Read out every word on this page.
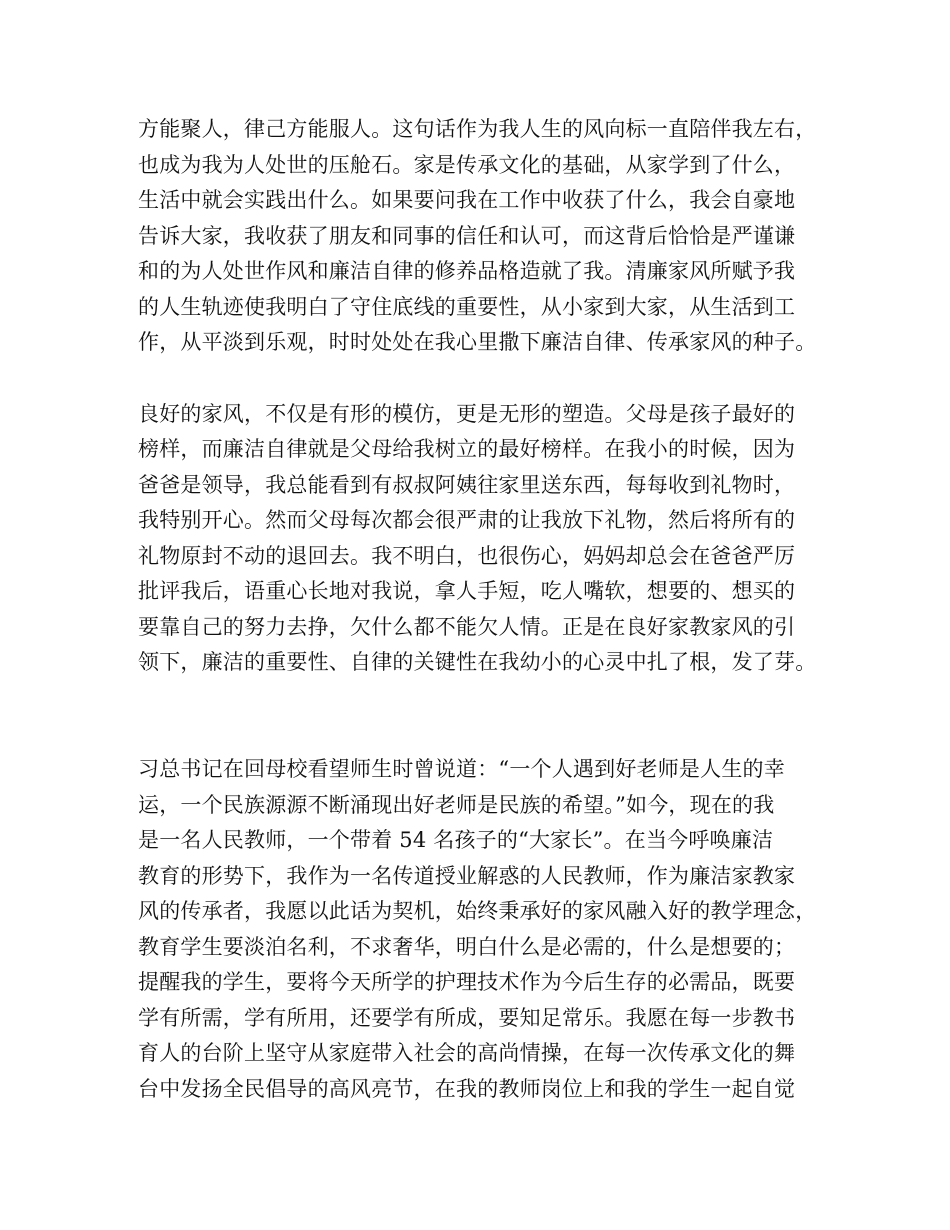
方能聚人，律己方能服人。这句话作为我人生的风向标一直陪伴我左右，
也成为我为人处世的压舱石。家是传承文化的基础，从家学到了什么，
生活中就会实践出什么。如果要问我在工作中收获了什么，我会自豪地
告诉大家，我收获了朋友和同事的信任和认可，而这背后恰恰是严谨谦
和的为人处世作风和廉洁自律的修养品格造就了我。清廉家风所赋予我
的人生轨迹使我明白了守住底线的重要性，从小家到大家，从生活到工
作，从平淡到乐观，时时处处在我心里撒下廉洁自律、传承家风的种子。

良好的家风，不仅是有形的模仿，更是无形的塑造。父母是孩子最好的
榜样，而廉洁自律就是父母给我树立的最好榜样。在我小的时候，因为
爸爸是领导，我总能看到有叔叔阿姨往家里送东西，每每收到礼物时，
我特别开心。然而父母每次都会很严肃的让我放下礼物，然后将所有的
礼物原封不动的退回去。我不明白，也很伤心，妈妈却总会在爸爸严厉
批评我后，语重心长地对我说，拿人手短，吃人嘴软，想要的、想买的
要靠自己的努力去挣，欠什么都不能欠人情。正是在良好家教家风的引
领下，廉洁的重要性、自律的关键性在我幼小的心灵中扎了根，发了芽。

习总书记在回母校看望师生时曾说道：“一个人遇到好老师是人生的幸
运，一个民族源源不断涌现出好老师是民族的希望。”如今，现在的我
是一名人民教师，一个带着 54 名孩子的“大家长”。在当今呼唤廉洁
教育的形势下，我作为一名传道授业解惑的人民教师，作为廉洁家教家
风的传承者，我愿以此话为契机，始终秉承好的家风融入好的教学理念，
教育学生要淡泊名利，不求奢华，明白什么是必需的，什么是想要的；
提醒我的学生，要将今天所学的护理技术作为今后生存的必需品，既要
学有所需，学有所用，还要学有所成，要知足常乐。我愿在每一步教书
育人的台阶上坚守从家庭带入社会的高尚情操，在每一次传承文化的舞
台中发扬全民倡导的高风亮节，在我的教师岗位上和我的学生一起自觉
